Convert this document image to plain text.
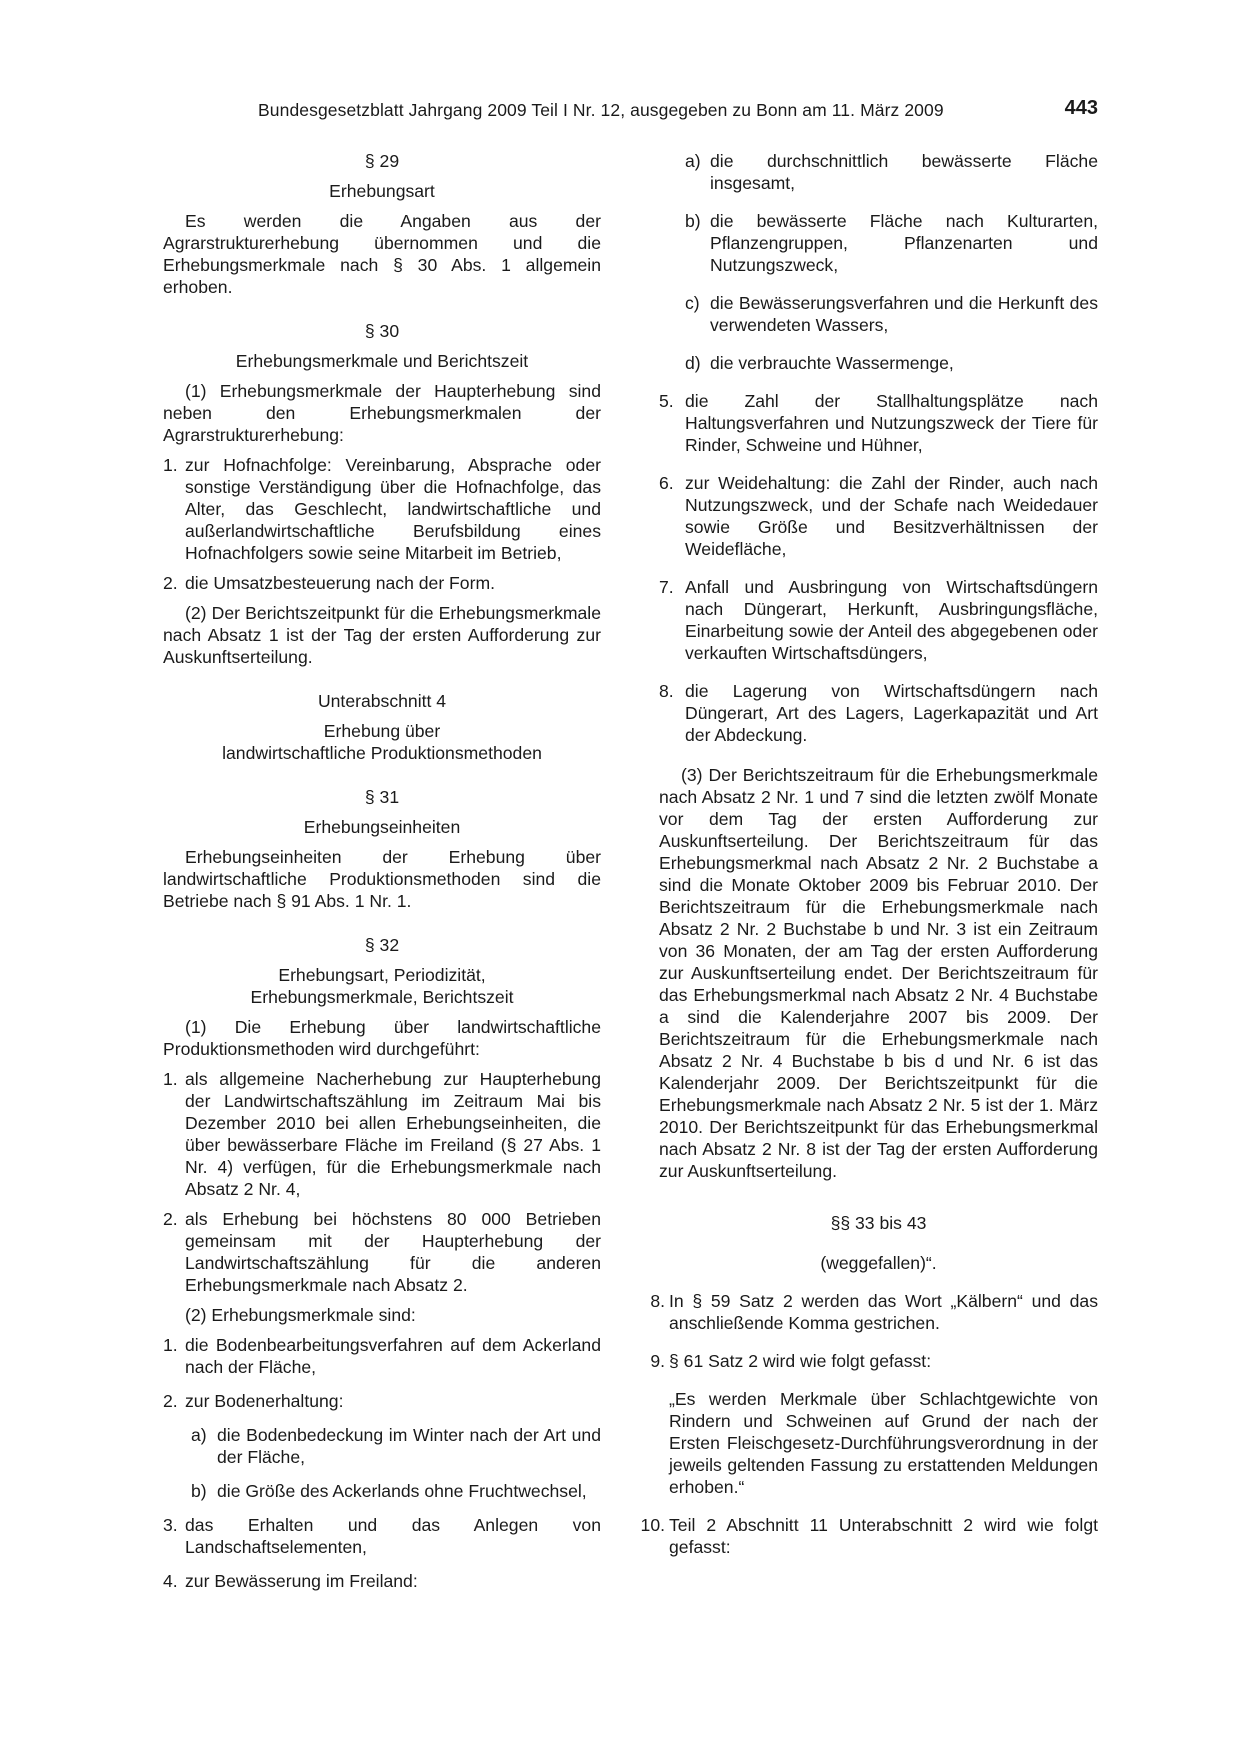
Bundesgesetzblatt Jahrgang 2009 Teil I Nr. 12, ausgegeben zu Bonn am 11. März 2009	443
§ 29
Erhebungsart
Es werden die Angaben aus der Agrarstrukturerhebung übernommen und die Erhebungsmerkmale nach § 30 Abs. 1 allgemein erhoben.
§ 30
Erhebungsmerkmale und Berichtszeit
(1) Erhebungsmerkmale der Haupterhebung sind neben den Erhebungsmerkmalen der Agrarstrukturerhebung:
1. zur Hofnachfolge: Vereinbarung, Absprache oder sonstige Verständigung über die Hofnachfolge, das Alter, das Geschlecht, landwirtschaftliche und außerlandwirtschaftliche Berufsbildung eines Hofnachfolgers sowie seine Mitarbeit im Betrieb,
2. die Umsatzbesteuerung nach der Form.
(2) Der Berichtszeitpunkt für die Erhebungsmerkmale nach Absatz 1 ist der Tag der ersten Aufforderung zur Auskunftserteilung.
Unterabschnitt 4
Erhebung über
landwirtschaftliche Produktionsmethoden
§ 31
Erhebungseinheiten
Erhebungseinheiten der Erhebung über landwirtschaftliche Produktionsmethoden sind die Betriebe nach § 91 Abs. 1 Nr. 1.
§ 32
Erhebungsart, Periodizität,
Erhebungsmerkmale, Berichtszeit
(1) Die Erhebung über landwirtschaftliche Produktionsmethoden wird durchgeführt:
1. als allgemeine Nacherhebung zur Haupterhebung der Landwirtschaftszählung im Zeitraum Mai bis Dezember 2010 bei allen Erhebungseinheiten, die über bewässerbare Fläche im Freiland (§ 27 Abs. 1 Nr. 4) verfügen, für die Erhebungsmerkmale nach Absatz 2 Nr. 4,
2. als Erhebung bei höchstens 80 000 Betrieben gemeinsam mit der Haupterhebung der Landwirtschaftszählung für die anderen Erhebungsmerkmale nach Absatz 2.
(2) Erhebungsmerkmale sind:
1. die Bodenbearbeitungsverfahren auf dem Ackerland nach der Fläche,
2. zur Bodenerhaltung:
a) die Bodenbedeckung im Winter nach der Art und der Fläche,
b) die Größe des Ackerlands ohne Fruchtwechsel,
3. das Erhalten und das Anlegen von Landschaftselementen,
4. zur Bewässerung im Freiland:
a) die durchschnittlich bewässerte Fläche insgesamt,
b) die bewässerte Fläche nach Kulturarten, Pflanzengruppen, Pflanzenarten und Nutzungszweck,
c) die Bewässerungsverfahren und die Herkunft des verwendeten Wassers,
d) die verbrauchte Wassermenge,
5. die Zahl der Stallhaltungsplätze nach Haltungsverfahren und Nutzungszweck der Tiere für Rinder, Schweine und Hühner,
6. zur Weidehaltung: die Zahl der Rinder, auch nach Nutzungszweck, und der Schafe nach Weidedauer sowie Größe und Besitzverhältnissen der Weidefläche,
7. Anfall und Ausbringung von Wirtschaftsdüngern nach Düngerart, Herkunft, Ausbringungsfläche, Einarbeitung sowie der Anteil des abgegebenen oder verkauften Wirtschaftsdüngers,
8. die Lagerung von Wirtschaftsdüngern nach Düngerart, Art des Lagers, Lagerkapazität und Art der Abdeckung.
(3) Der Berichtszeitraum für die Erhebungsmerkmale nach Absatz 2 Nr. 1 und 7 sind die letzten zwölf Monate vor dem Tag der ersten Aufforderung zur Auskunftserteilung. Der Berichtszeitraum für das Erhebungsmerkmal nach Absatz 2 Nr. 2 Buchstabe a sind die Monate Oktober 2009 bis Februar 2010. Der Berichtszeitraum für die Erhebungsmerkmale nach Absatz 2 Nr. 2 Buchstabe b und Nr. 3 ist ein Zeitraum von 36 Monaten, der am Tag der ersten Aufforderung zur Auskunftserteilung endet. Der Berichtszeitraum für das Erhebungsmerkmal nach Absatz 2 Nr. 4 Buchstabe a sind die Kalenderjahre 2007 bis 2009. Der Berichtszeitraum für die Erhebungsmerkmale nach Absatz 2 Nr. 4 Buchstabe b bis d und Nr. 6 ist das Kalenderjahr 2009. Der Berichtszeitpunkt für die Erhebungsmerkmale nach Absatz 2 Nr. 5 ist der 1. März 2010. Der Berichtszeitpunkt für das Erhebungsmerkmal nach Absatz 2 Nr. 8 ist der Tag der ersten Aufforderung zur Auskunftserteilung.
§§ 33 bis 43
(weggefallen)“.
8. In § 59 Satz 2 werden das Wort „Kälbern“ und das anschließende Komma gestrichen.
9. § 61 Satz 2 wird wie folgt gefasst:
„Es werden Merkmale über Schlachtgewichte von Rindern und Schweinen auf Grund der nach der Ersten Fleischgesetz-Durchführungsverordnung in der jeweils geltenden Fassung zu erstattenden Meldungen erhoben.“
10. Teil 2 Abschnitt 11 Unterabschnitt 2 wird wie folgt gefasst:
